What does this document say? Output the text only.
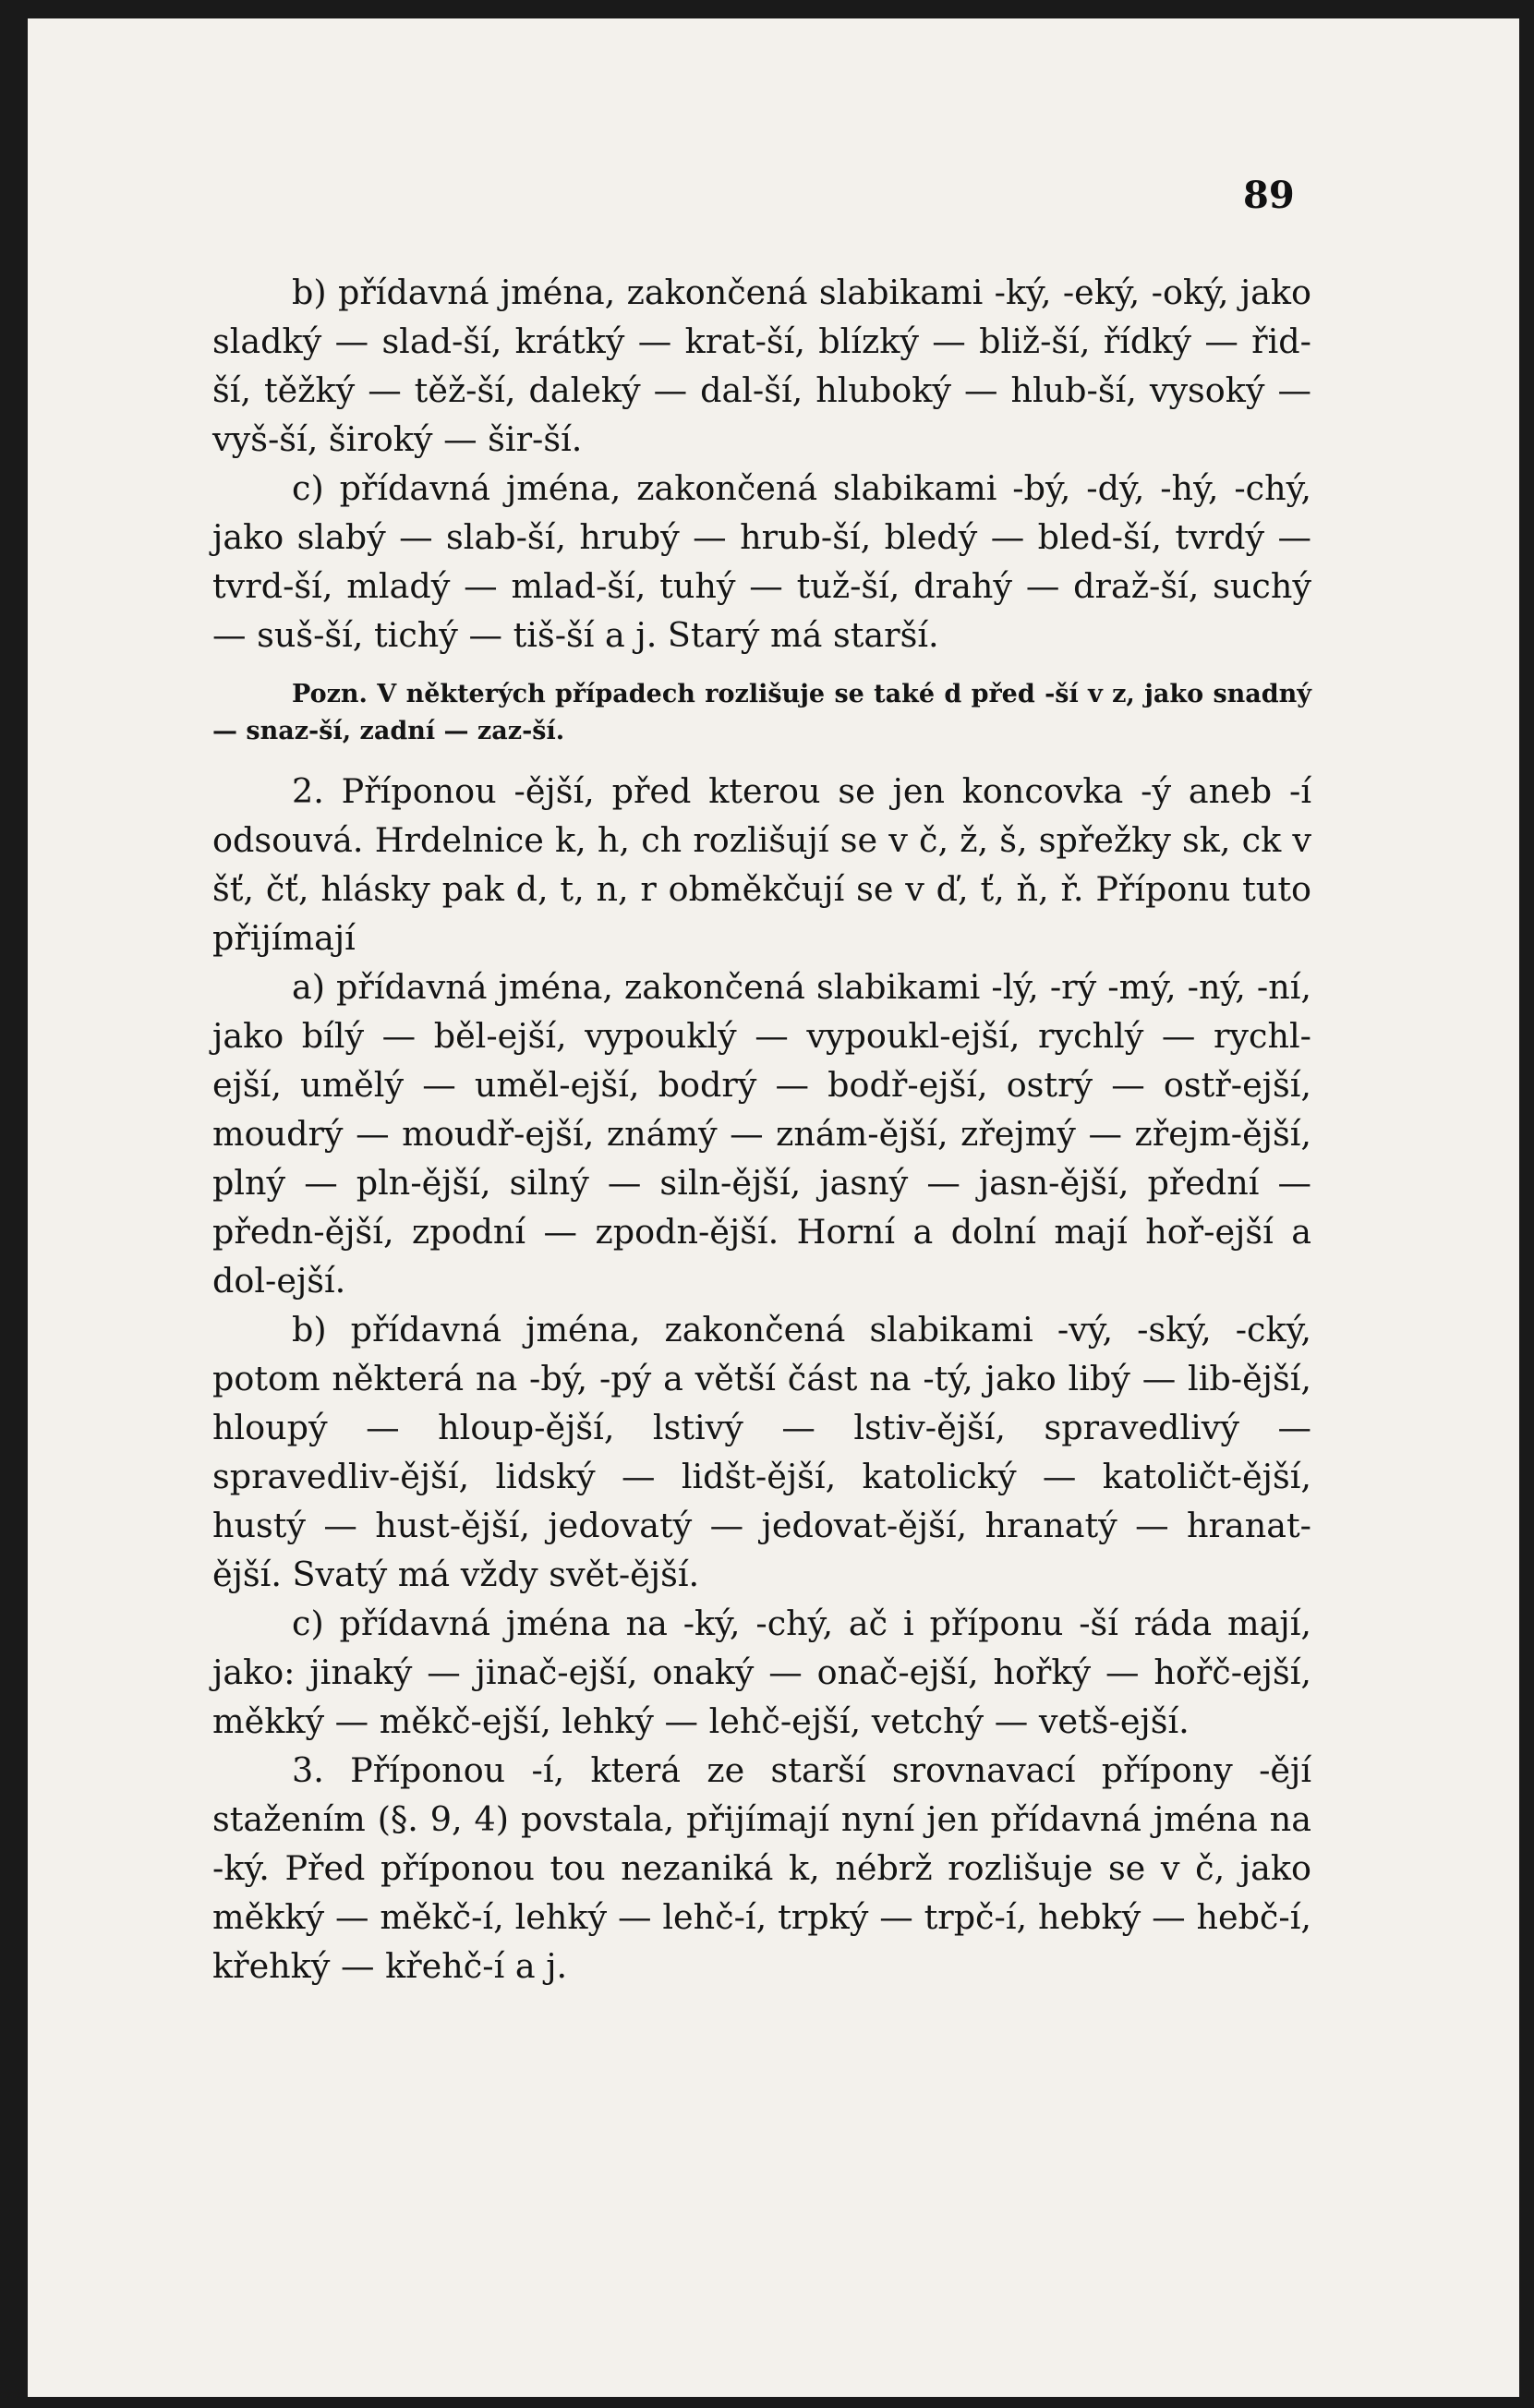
89

b) přídavná jména, zakončená slabikami -ký, -eký, -oký, jako sladký — slad-ší, krátký — krat-ší, blízký — bliž-ší, řídký — řid-ší, těžký — těž-ší, daleký — dal-ší, hluboký — hlub-ší, vysoký — vyš-ší, široký — šir-ší.

c) přídavná jména, zakončená slabikami -bý, -dý, -hý, -chý, jako slabý — slab-ší, hrubý — hrub-ší, bledý — bled-ší, tvrdý — tvrd-ší, mladý — mlad-ší, tuhý — tuž-ší, drahý — draž-ší, suchý — suš-ší, tichý — tiš-ší a j. Starý má starší.

Pozn. V některých případech rozlišuje se také d před -ší v z, jako snadný — snaz-ší, zadní — zaz-ší.

2. Příponou -ější, před kterou se jen koncovka -ý aneb -í odsouvá. Hrdelnice k, h, ch rozlišují se v č, ž, š, spřežky sk, ck v šť, čť, hlásky pak d, t, n, r obměkčují se v ď, ť, ň, ř. Příponu tuto přijímají

a) přídavná jména, zakončená slabikami -lý, -rý -mý, -ný, -ní, jako bílý — běl-ejší, vypouklý — vypoukl-ejší, rychlý — rychl-ejší, umělý — uměl-ejší, bodrý — bodř-ejší, ostrý — ostř-ejší, moudrý — moudř-ejší, známý — znám-ější, zřejmý — zřejm-ější, plný — pln-ější, silný — siln-ější, jasný — jasn-ější, přední — předn-ější, zpodní — zpodn-ější. Horní a dolní mají hoř-ejší a dol-ejší.

b) přídavná jména, zakončená slabikami -vý, -ský, -cký, potom některá na -bý, -pý a větší část na -tý, jako libý — lib-ější, hloupý — hloup-ější, lstivý — lstiv-ější, spravedlivý — spravedliv-ější, lidský — lidšt-ější, katolický — katoličt-ější, hustý — hust-ější, jedovatý — jedovat-ější, hranatý — hranat-ější. Svatý má vždy svět-ější.

c) přídavná jména na -ký, -chý, ač i příponu -ší ráda mají, jako: jinaký — jinač-ejší, onaký — onač-ejší, hořký — hořč-ejší, měkký — měkč-ejší, lehký — lehč-ejší, vetchý — vetš-ejší.

3. Příponou -í, která ze starší srovnavací přípony -ějí stažením (§. 9, 4) povstala, přijímají nyní jen přídavná jména na -ký. Před příponou tou nezaniká k, nébrž rozlišuje se v č, jako měkký — měkč-í, lehký — lehč-í, trpký — trpč-í, hebký — hebč-í, křehký — křehč-í a j.
